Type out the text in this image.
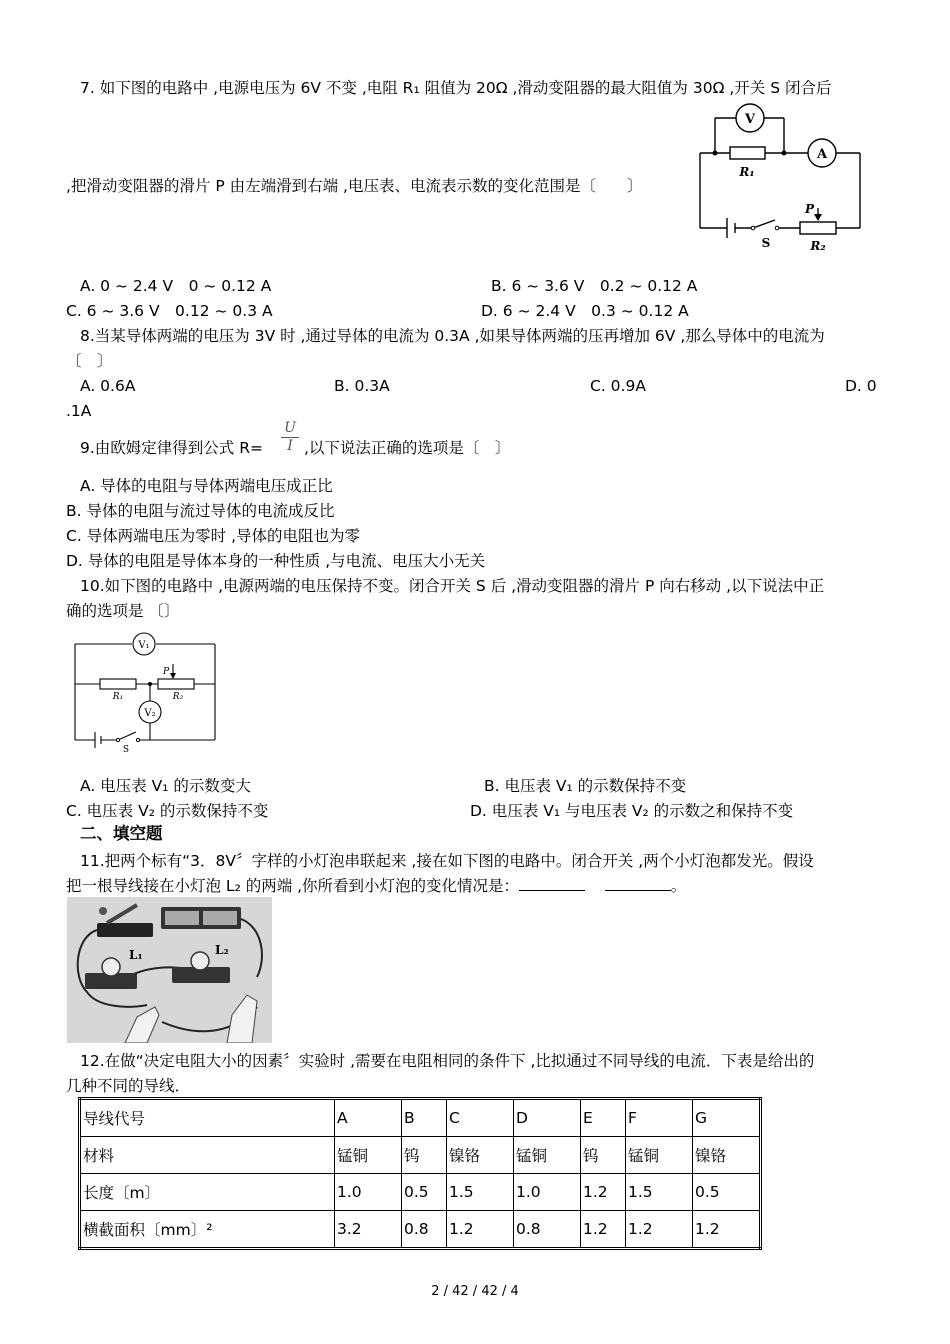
7. 如下图的电路中 ,电源电压为 6V 不变 ,电阻 R₁ 阻值为 20Ω ,滑动变阻器的最大阻值为 30Ω ,开关 S 闭合后
,把滑动变阻器的滑片 P 由左端滑到右端 ,电压表、电流表示数的变化范围是〔　　〕
V
A
R₁
P
S	R₂
A. 0 ~ 2.4 V　0 ~ 0.12 A	B. 6 ~ 3.6 V　0.2 ~ 0.12 A
C. 6 ~ 3.6 V　0.12 ~ 0.3 A	D. 6 ~ 2.4 V　0.3 ~ 0.12 A
8.当某导体两端的电压为 3V 时 ,通过导体的电流为 0.3A ,如果导体两端的压再增加 6V ,那么导体中的电流为
〔　〕
A. 0.6A	B. 0.3A	C. 0.9A	D. 0
.1A
9.由欧姆定律得到公式 R=
U
I ,以下说法正确的选项是〔　〕
A. 导体的电阻与导体两端电压成正比
B. 导体的电阻与流过导体的电流成反比
C. 导体两端电压为零时 ,导体的电阻也为零
D. 导体的电阻是导体本身的一种性质 ,与电流、电压大小无关
10.如下图的电路中 ,电源两端的电压保持不变。闭合开关 S 后 ,滑动变阻器的滑片 P 向右移动 ,以下说法中正
确的选项是 〔〕
V₁
V₂
R₁	R₂
P
S
A. 电压表 V₁ 的示数变大	B. 电压表 V₁ 的示数保持不变
C. 电压表 V₂ 的示数保持不变	D. 电压表 V₁ 与电压表 V₂ 的示数之和保持不变
二、填空题
11.把两个标有“3．8V〞字样的小灯泡串联起来 ,接在如下图的电路中。闭合开关 ,两个小灯泡都发光。假设
把一根导线接在小灯泡 L₂ 的两端 ,你所看到小灯泡的变化情况是：	。
L₁	L₂
12.在做“决定电阻大小的因素〞实验时 ,需要在电阻相同的条件下 ,比拟通过不同导线的电流．下表是给出的
几种不同的导线．
导线代号	A	B	C	D	E	F	G
材料	锰铜	钨	镍铬	锰铜	钨	锰铜	镍铬
长度〔m〕	1.0	0.5	1.5	1.0	1.2	1.5	0.5
横截面积〔mm〕²	3.2	0.8	1.2	0.8	1.2	1.2	1.2
2 / 42 / 42 / 4
